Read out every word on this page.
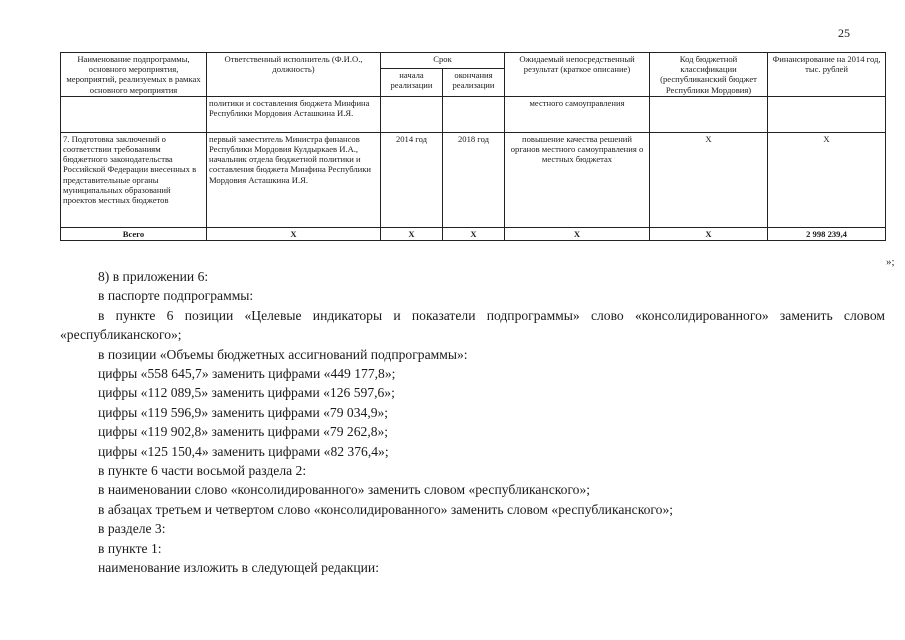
25
Наименование подпрограммы, основного мероприятия, мероприятий, реализуемых в рамках основного мероприятия	Ответственный исполнитель (Ф.И.О., должность)	Срок		Ожидаемый непосредственный результат (краткое описание)	Код бюджетной классификации (республиканский бюджет Республики Мордовия)	Финансирование на 2014 год, тыс. рублей
		начала реализации	окончания реализации			
	политики и составления бюджета Минфина Республики Мордовия Асташкина И.Я.			местного самоуправления		
7. Подготовка заключений о соответствии требованиям бюджетного законодательства Российской Федерации внесенных в представительные органы муниципальных образований проектов местных бюджетов	первый заместитель Министра финансов Республики Мордовия Кулдыркаев И.А., начальник отдела бюджетной политики и составления бюджета Минфина Республики Мордовия Асташкина И.Я.	2014 год	2018 год	повышение качества решений органов местного самоуправления о местных бюджетах	Х	Х
Всего	Х	Х	Х	Х	Х	2 998 239,4
»;

8) в приложении 6:

в паспорте подпрограммы:

в пункте 6 позиции «Целевые индикаторы и показатели подпрограммы» слово «консолидированного» заменить словом «республиканского»;

в позиции «Объемы бюджетных ассигнований подпрограммы»:

цифры «558 645,7» заменить цифрами «449 177,8»;

цифры «112 089,5» заменить цифрами «126 597,6»;

цифры «119 596,9» заменить цифрами «79 034,9»;

цифры «119 902,8» заменить цифрами «79 262,8»;

цифры «125 150,4» заменить цифрами «82 376,4»;

в пункте 6 части восьмой раздела 2:

в наименовании слово «консолидированного» заменить словом «республиканского»;

в абзацах третьем и четвертом слово «консолидированного» заменить словом «республиканского»;

в разделе 3:

в пункте 1:

наименование изложить в следующей редакции:
